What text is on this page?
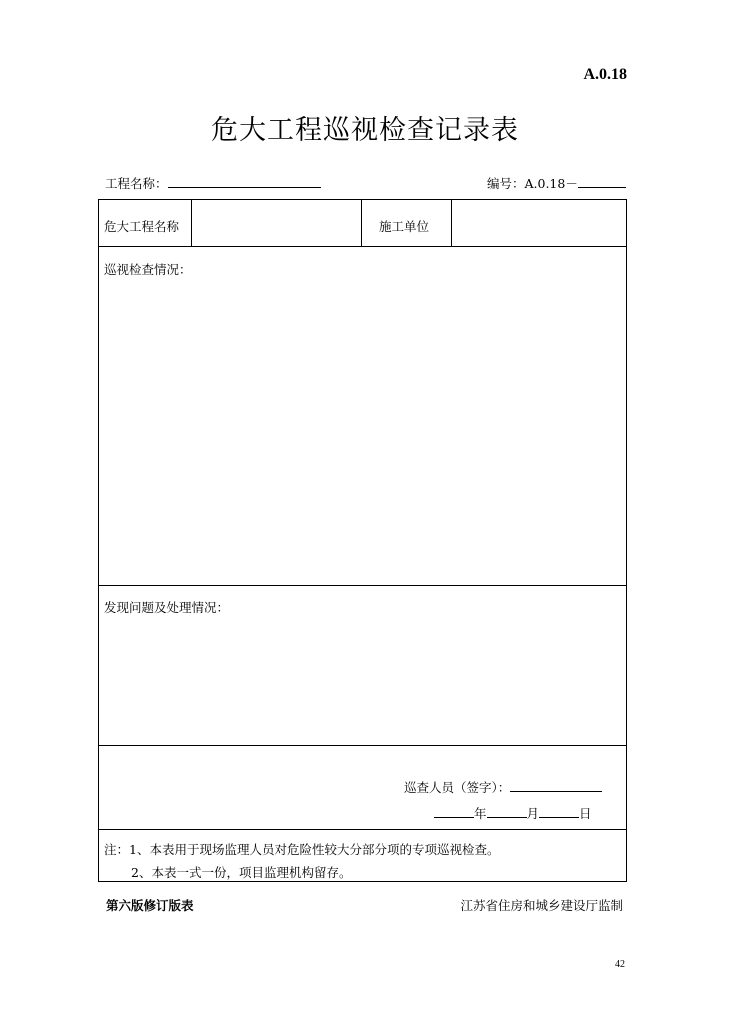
A.0.18
危大工程巡视检查记录表
工程名称：	编号：A.0.18－
危大工程名称	施工单位
巡视检查情况：
发现问题及处理情况：
巡查人员（签字）：
年	月	日
注：1、本表用于现场监理人员对危险性较大分部分项的专项巡视检查。
2、本表一式一份，项目监理机构留存。
第六版修订版表	江苏省住房和城乡建设厅监制
42
